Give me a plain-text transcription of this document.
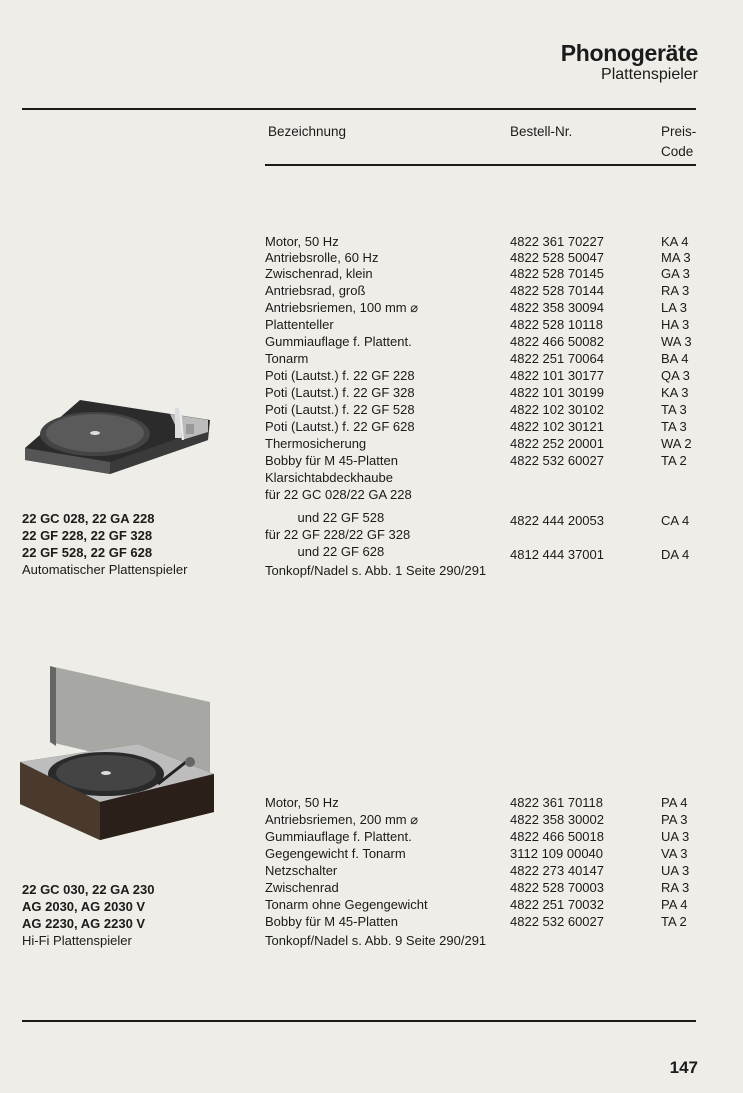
Phonogeräte
Plattenspieler
Bezeichnung	Bestell-Nr.	Preis-
Code
22 GC 028, 22 GA 228
22 GF 228, 22 GF 328
22 GF 528, 22 GF 628
Automatischer Plattenspieler
Motor, 50 Hz	4822 361 70227	KA 4
Antriebsrolle, 60 Hz	4822 528 50047	MA 3
Zwischenrad, klein	4822 528 70145	GA 3
Antriebsrad, groß	4822 528 70144	RA 3
Antriebsriemen, 100 mm ⌀	4822 358 30094	LA 3
Plattenteller	4822 528 10118	HA 3
Gummiauflage f. Plattent.	4822 466 50082	WA 3
Tonarm	4822 251 70064	BA 4
Poti (Lautst.) f. 22 GF 228	4822 101 30177	QA 3
Poti (Lautst.) f. 22 GF 328	4822 101 30199	KA 3
Poti (Lautst.) f. 22 GF 528	4822 102 30102	TA 3
Poti (Lautst.) f. 22 GF 628	4822 102 30121	TA 3
Thermosicherung	4822 252 20001	WA 2
Bobby für M 45-Platten	4822 532 60027	TA 2
Klarsichtabdeckhaube
für 22 GC 028/22 GA 228
und 22 GF 528	4822 444 20053	CA 4
für 22 GF 228/22 GF 328
und 22 GF 628	4812 444 37001	DA 4
Tonkopf/Nadel s. Abb. 1 Seite 290/291
22 GC 030, 22 GA 230
AG 2030, AG 2030 V
AG 2230, AG 2230 V
Hi-Fi Plattenspieler
Motor, 50 Hz	4822 361 70118	PA 4
Antriebsriemen, 200 mm ⌀	4822 358 30002	PA 3
Gummiauflage f. Plattent.	4822 466 50018	UA 3
Gegengewicht f. Tonarm	3112 109 00040	VA 3
Netzschalter	4822 273 40147	UA 3
Zwischenrad	4822 528 70003	RA 3
Tonarm ohne Gegengewicht	4822 251 70032	PA 4
Bobby für M 45-Platten	4822 532 60027	TA 2
Tonkopf/Nadel s. Abb. 9 Seite 290/291
147
